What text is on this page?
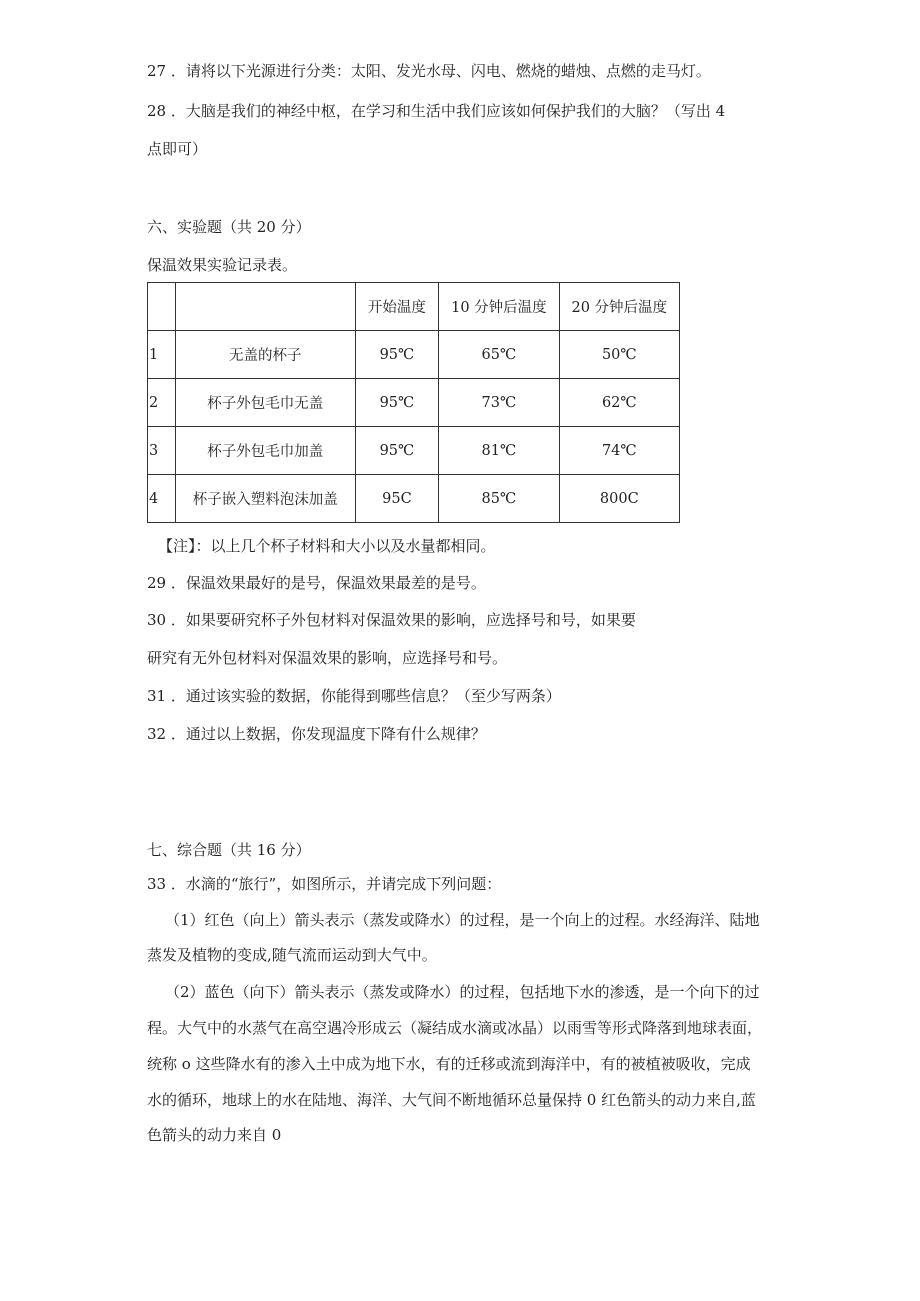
27 ．请将以下光源进行分类：太阳、发光水母、闪电、燃烧的蜡烛、点燃的走马灯。
28 ．大脑是我们的神经中枢，在学习和生活中我们应该如何保护我们的大脑？（写出 4
点即可）
六、实验题（共 20 分）
保温效果实验记录表。
		开始温度	10 分钟后温度	20 分钟后温度
1	无盖的杯子	95℃	65℃	50℃
2	杯子外包毛巾无盖	95℃	73℃	62℃
3	杯子外包毛巾加盖	95℃	81℃	74℃
4	杯子嵌入塑料泡沫加盖	95C	85℃	800C
【注】：以上几个杯子材料和大小以及水量都相同。
29 ．保温效果最好的是号，保温效果最差的是号。
30 ．如果要研究杯子外包材料对保温效果的影响，应选择号和号，如果要
研究有无外包材料对保温效果的影响，应选择号和号。
31 ．通过该实验的数据，你能得到哪些信息？（至少写两条）
32 ．通过以上数据，你发现温度下降有什么规律？
七、综合题（共 16 分）
33 ．水滴的“旅行”，如图所示，并请完成下列问题：
（1）红色（向上）箭头表示（蒸发或降水）的过程，是一个向上的过程。水经海洋、陆地
蒸发及植物的变成,随气流而运动到大气中。
（2）蓝色（向下）箭头表示（蒸发或降水）的过程，包括地下水的渗透，是一个向下的过
程。大气中的水蒸气在高空遇冷形成云（凝结成水滴或冰晶）以雨雪等形式降落到地球表面，
统称 o 这些降水有的渗入土中成为地下水，有的迁移或流到海洋中，有的被植被吸收，完成
水的循环，地球上的水在陆地、海洋、大气间不断地循环总量保持 0 红色箭头的动力来自,蓝
色箭头的动力来自 0
